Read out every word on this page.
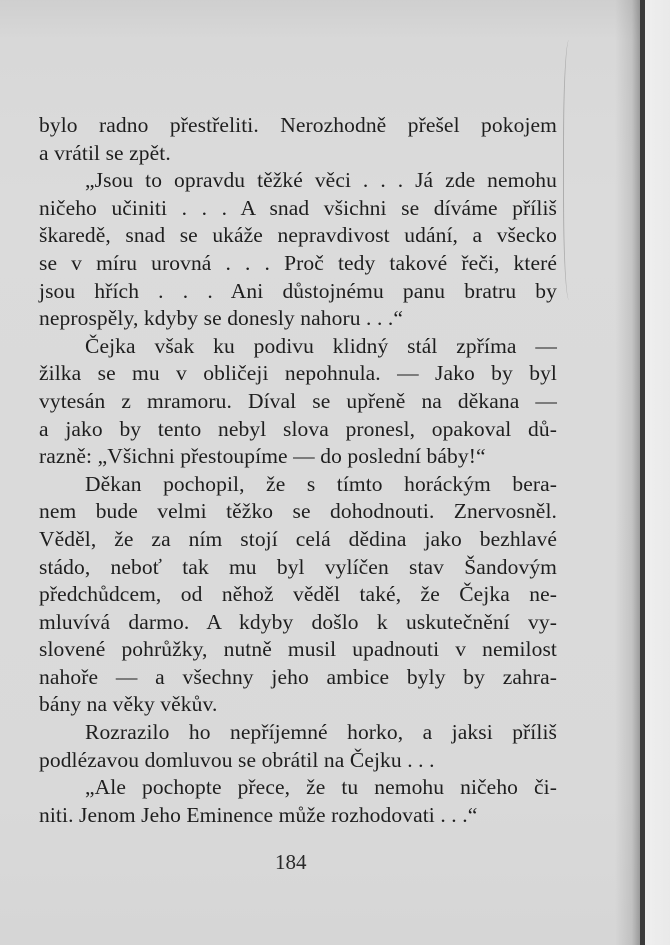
bylo radno přestřeliti. Nerozhodně přešel pokojem
a vrátil se zpět.
„Jsou to opravdu těžké věci . . . Já zde nemohu
ničeho učiniti . . . A snad všichni se díváme příliš
škaredě, snad se ukáže nepravdivost udání, a všecko
se v míru urovná . . . Proč tedy takové řeči, které
jsou hřích . . . Ani důstojnému panu bratru by
neprospěly, kdyby se donesly nahoru . . .“
Čejka však ku podivu klidný stál zpříma —
žilka se mu v obličeji nepohnula. — Jako by byl
vytesán z mramoru. Díval se upřeně na děkana —
a jako by tento nebyl slova pronesl, opakoval dů-
razně: „Všichni přestoupíme — do poslední báby!“
Děkan pochopil, že s tímto horáckým bera-
nem bude velmi těžko se dohodnouti. Znervosněl.
Věděl, že za ním stojí celá dědina jako bezhlavé
stádo, neboť tak mu byl vylíčen stav Šandovým
předchůdcem, od něhož věděl také, že Čejka ne-
mluvívá darmo. A kdyby došlo k uskutečnění vy-
slovené pohrůžky, nutně musil upadnouti v nemilost
nahoře — a všechny jeho ambice byly by zahra-
bány na věky věkův.
Rozrazilo ho nepříjemné horko, a jaksi příliš
podlézavou domluvou se obrátil na Čejku . . .
„Ale pochopte přece, že tu nemohu ničeho či-
niti. Jenom Jeho Eminence může rozhodovati . . .“
184
